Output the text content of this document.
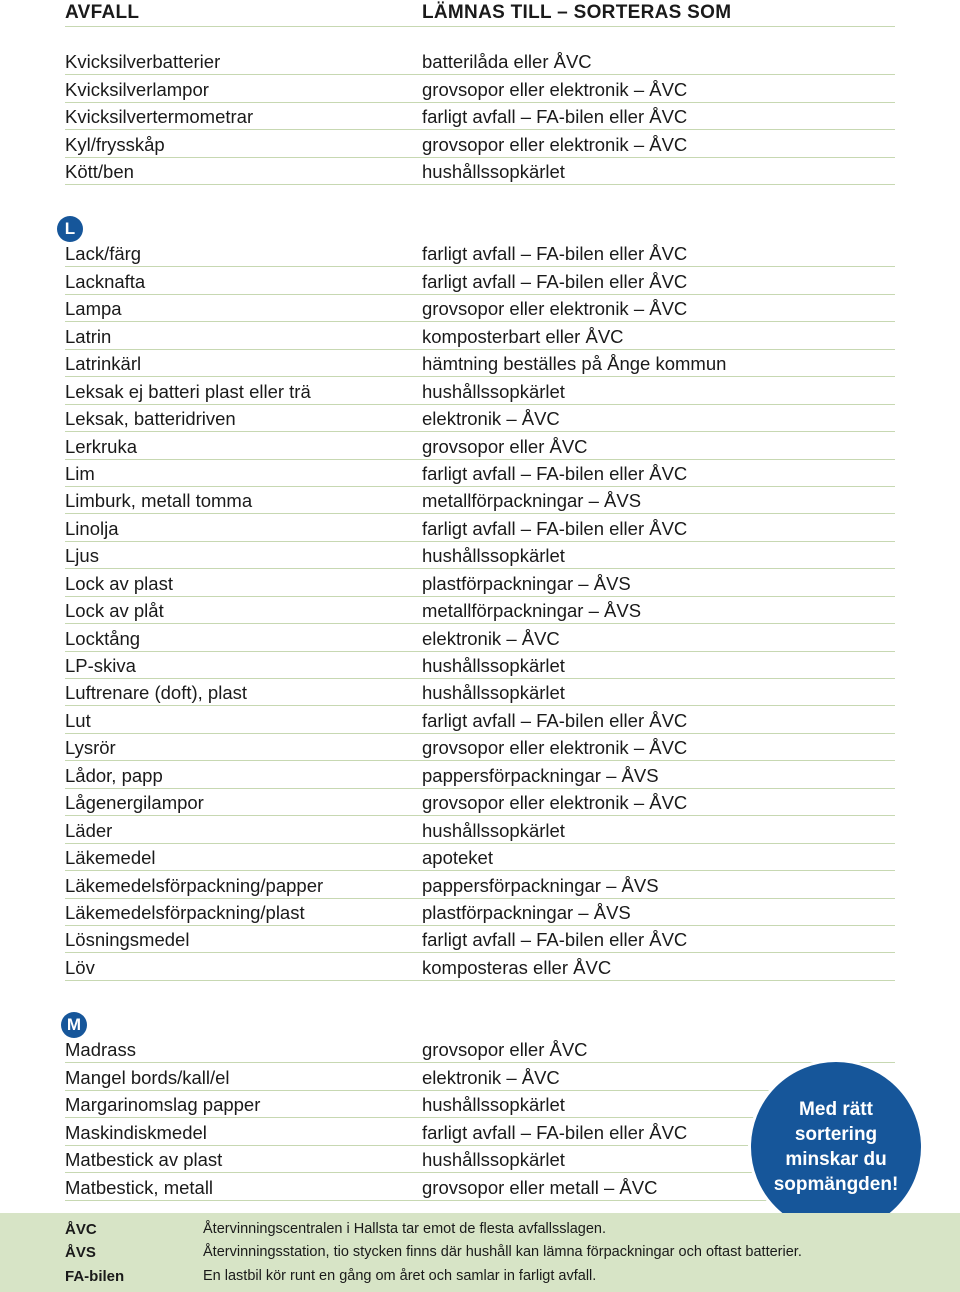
AVFALL	LÄMNAS TILL – SORTERAS SOM
Kvicksilverbatterier	batterilåda eller ÅVC
Kvicksilverlampor	grovsopor eller elektronik – ÅVC
Kvicksilvertermometrar	farligt avfall – FA-bilen eller ÅVC
Kyl/frysskåp	grovsopor eller elektronik – ÅVC
Kött/ben	hushållssopkärlet
L
Lack/färg	farligt avfall – FA-bilen eller ÅVC
Lacknafta	farligt avfall – FA-bilen eller ÅVC
Lampa	grovsopor eller elektronik – ÅVC
Latrin	komposterbart eller ÅVC
Latrinkärl	hämtning beställes på Ånge kommun
Leksak ej batteri plast eller trä	hushållssopkärlet
Leksak, batteridriven	elektronik – ÅVC
Lerkruka	grovsopor eller ÅVC
Lim	farligt avfall – FA-bilen eller ÅVC
Limburk, metall tomma	metallförpackningar – ÅVS
Linolja	farligt avfall – FA-bilen eller ÅVC
Ljus	hushållssopkärlet
Lock av plast	plastförpackningar – ÅVS
Lock av plåt	metallförpackningar – ÅVS
Locktång	elektronik – ÅVC
LP-skiva	hushållssopkärlet
Luftrenare (doft), plast	hushållssopkärlet
Lut	farligt avfall – FA-bilen eller ÅVC
Lysrör	grovsopor eller elektronik – ÅVC
Lådor, papp	pappersförpackningar – ÅVS
Lågenergilampor	grovsopor eller elektronik – ÅVC
Läder	hushållssopkärlet
Läkemedel	apoteket
Läkemedelsförpackning/papper	pappersförpackningar – ÅVS
Läkemedelsförpackning/plast	plastförpackningar – ÅVS
Lösningsmedel	farligt avfall – FA-bilen eller ÅVC
Löv	komposteras eller ÅVC
M
Madrass	grovsopor eller ÅVC
Mangel bords/kall/el	elektronik – ÅVC
Margarinomslag papper	hushållssopkärlet
Maskindiskmedel	farligt avfall – FA-bilen eller ÅVC
Matbestick av plast	hushållssopkärlet
Matbestick, metall	grovsopor eller metall – ÅVC
Med rätt sortering minskar du sopmängden!
ÅVC	Återvinningscentralen i Hallsta tar emot de flesta avfallsslagen.
ÅVS	Återvinningsstation, tio stycken finns där hushåll kan lämna förpackningar och oftast batterier.
FA-bilen	En lastbil kör runt en gång om året och samlar in farligt avfall.
